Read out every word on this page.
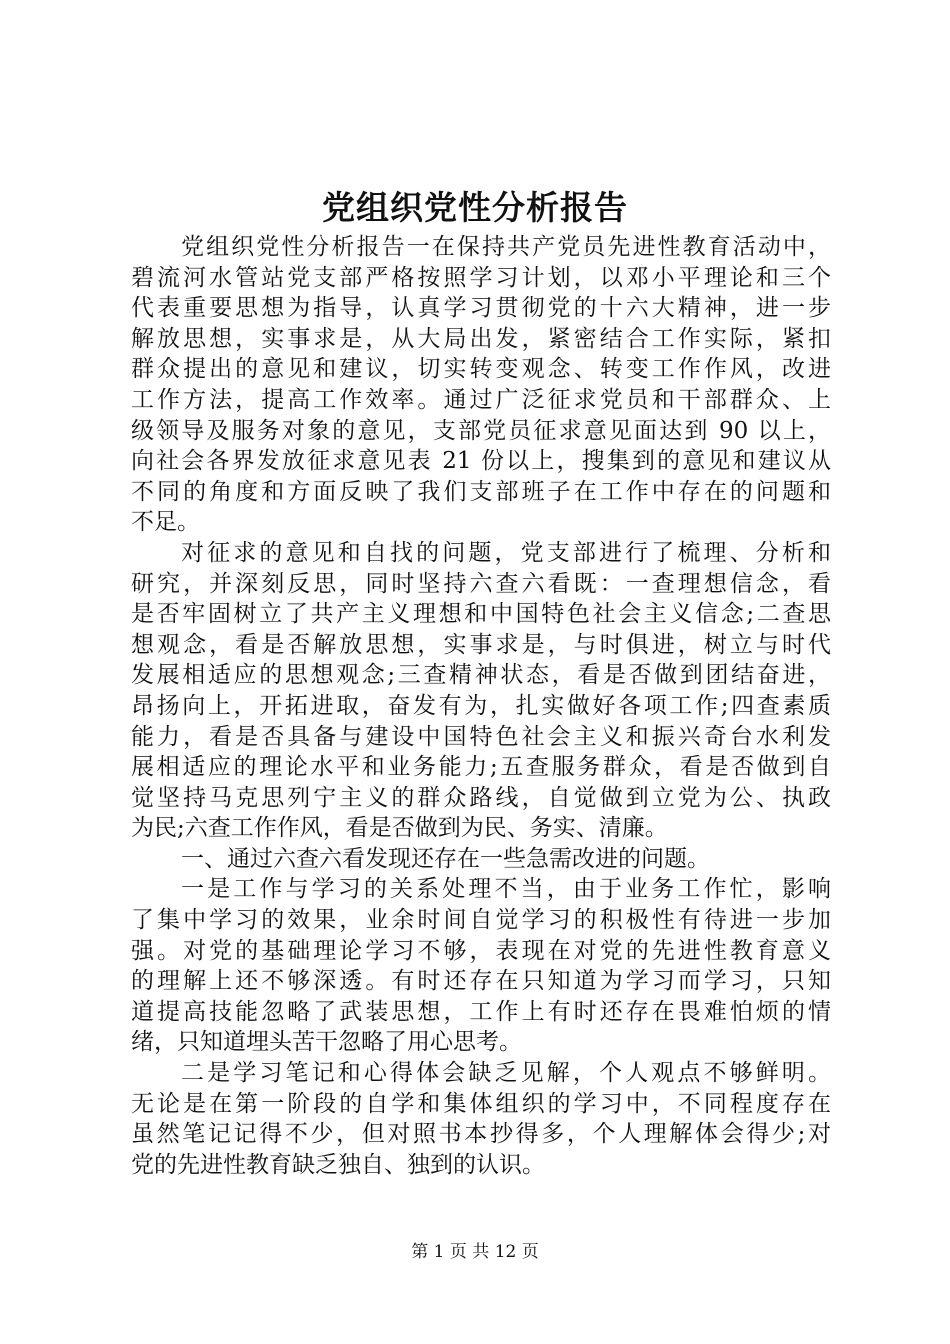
党组织党性分析报告
党组织党性分析报告一在保持共产党员先进性教育活动中，
碧流河水管站党支部严格按照学习计划，以邓小平理论和三个
代表重要思想为指导，认真学习贯彻党的十六大精神，进一步
解放思想，实事求是，从大局出发，紧密结合工作实际，紧扣
群众提出的意见和建议，切实转变观念、转变工作作风，改进
工作方法，提高工作效率。通过广泛征求党员和干部群众、上
级领导及服务对象的意见，支部党员征求意见面达到 90 以上，
向社会各界发放征求意见表 21 份以上，搜集到的意见和建议从
不同的角度和方面反映了我们支部班子在工作中存在的问题和
不足。
对征求的意见和自找的问题，党支部进行了梳理、分析和
研究，并深刻反思，同时坚持六查六看既：一查理想信念，看
是否牢固树立了共产主义理想和中国特色社会主义信念;二查思
想观念，看是否解放思想，实事求是，与时俱进，树立与时代
发展相适应的思想观念;三查精神状态，看是否做到团结奋进，
昂扬向上，开拓进取，奋发有为，扎实做好各项工作;四查素质
能力，看是否具备与建设中国特色社会主义和振兴奇台水利发
展相适应的理论水平和业务能力;五查服务群众，看是否做到自
觉坚持马克思列宁主义的群众路线，自觉做到立党为公、执政
为民;六查工作作风，看是否做到为民、务实、清廉。
一、通过六查六看发现还存在一些急需改进的问题。
一是工作与学习的关系处理不当，由于业务工作忙，影响
了集中学习的效果，业余时间自觉学习的积极性有待进一步加
强。对党的基础理论学习不够，表现在对党的先进性教育意义
的理解上还不够深透。有时还存在只知道为学习而学习，只知
道提高技能忽略了武装思想，工作上有时还存在畏难怕烦的情
绪，只知道埋头苦干忽略了用心思考。
二是学习笔记和心得体会缺乏见解，个人观点不够鲜明。
无论是在第一阶段的自学和集体组织的学习中，不同程度存在
虽然笔记记得不少，但对照书本抄得多，个人理解体会得少;对
党的先进性教育缺乏独自、独到的认识。
第 1 页 共 12 页
